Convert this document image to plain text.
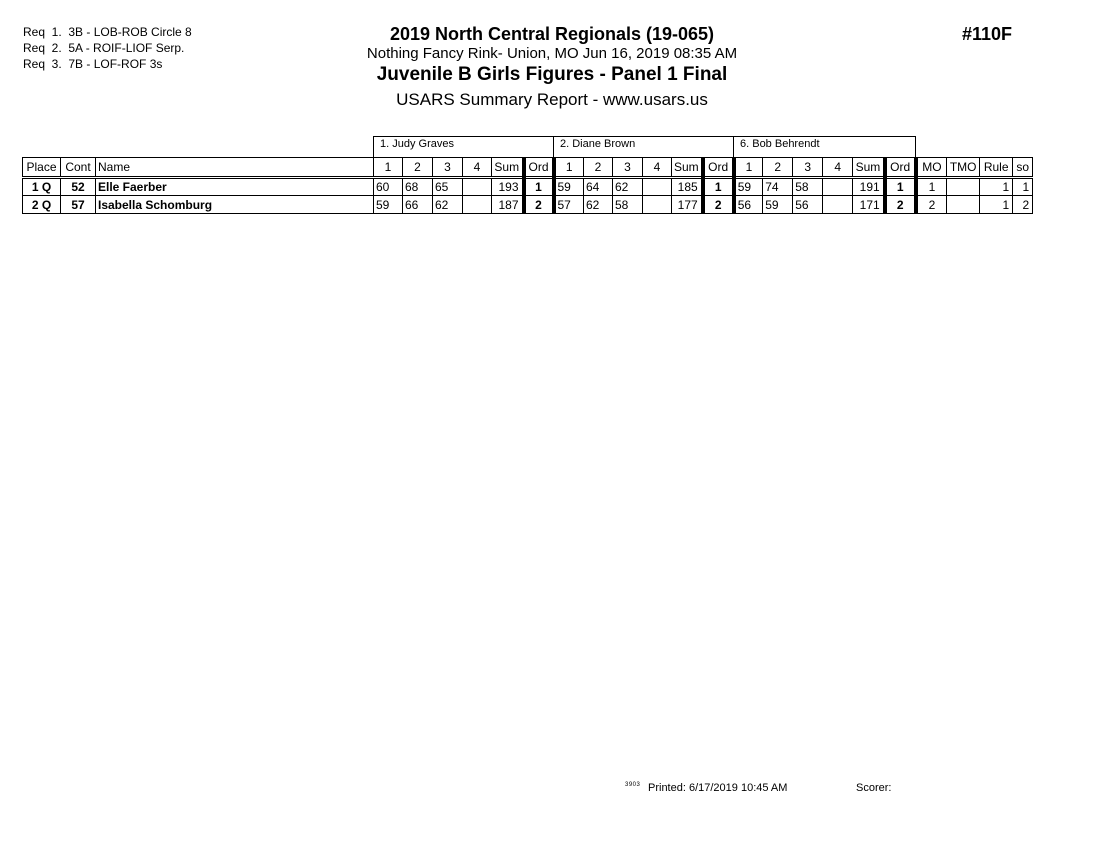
Req  1.  3B - LOB-ROB Circle 8
Req  2.  5A - ROIF-LIOF Serp.
Req  3.  7B - LOF-ROF 3s
2019 North Central Regionals (19-065)
Nothing Fancy Rink- Union, MO Jun 16, 2019 08:35 AM
Juvenile B Girls Figures - Panel 1 Final
USARS Summary Report - www.usars.us
#110F
1. Judy Graves	2. Diane Brown	6. Bob Behrendt
Place	Cont	Name	1	2	3	4	Sum	Ord	1	2	3	4	Sum	Ord	1	2	3	4	Sum	Ord	MO	TMO	Rule	so
1 Q	52	Elle Faerber	60	68	65		193	1	59	64	62		185	1	59	74	58		191	1	1		1	1
2 Q	57	Isabella Schomburg	59	66	62		187	2	57	62	58		177	2	56	59	56		171	2	2		1	2
3903 Printed: 6/17/2019 10:45 AM	Scorer:
